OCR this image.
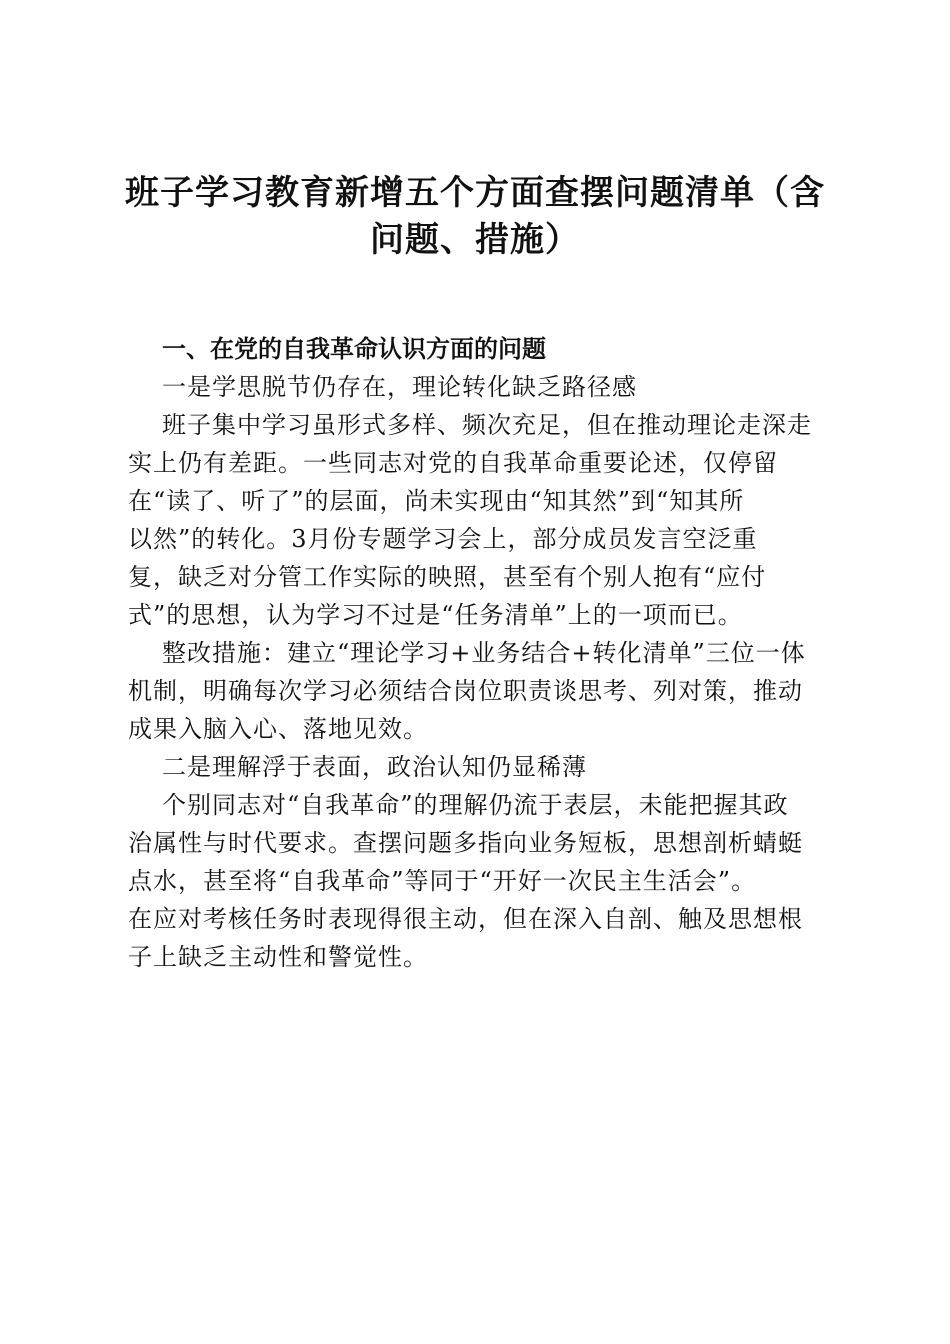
班子学习教育新增五个方面查摆问题清单（含
问题、措施）
一、在党的自我革命认识方面的问题
一是学思脱节仍存在，理论转化缺乏路径感
班子集中学习虽形式多样、频次充足，但在推动理论走深走
实上仍有差距。一些同志对党的自我革命重要论述，仅停留
在“读了、听了”的层面，尚未实现由“知其然”到“知其所
以然”的转化。3月份专题学习会上，部分成员发言空泛重
复，缺乏对分管工作实际的映照，甚至有个别人抱有“应付
式”的思想，认为学习不过是“任务清单”上的一项而已。
整改措施：建立“理论学习+业务结合+转化清单”三位一体
机制，明确每次学习必须结合岗位职责谈思考、列对策，推动
成果入脑入心、落地见效。
二是理解浮于表面，政治认知仍显稀薄
个别同志对“自我革命”的理解仍流于表层，未能把握其政
治属性与时代要求。查摆问题多指向业务短板，思想剖析蜻蜓
点水，甚至将“自我革命”等同于“开好一次民主生活会”。
在应对考核任务时表现得很主动，但在深入自剖、触及思想根
子上缺乏主动性和警觉性。
